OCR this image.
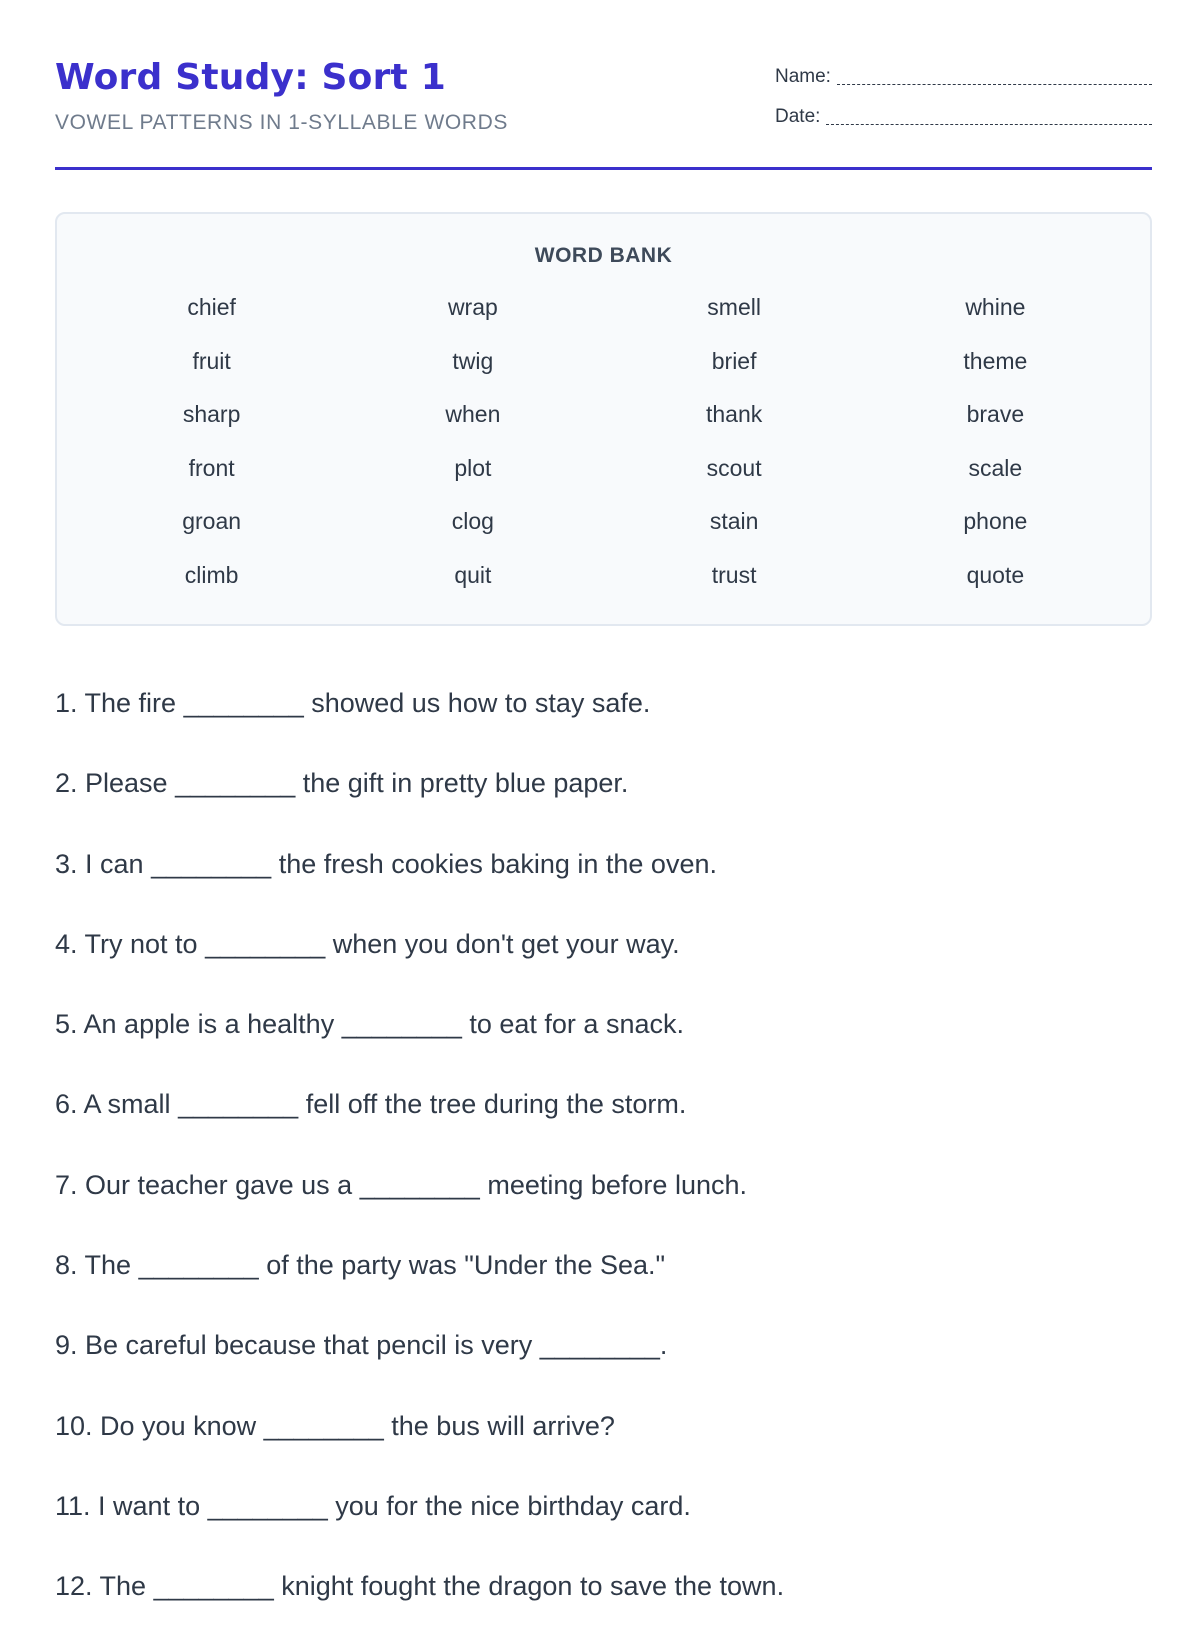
Word Study: Sort 1
VOWEL PATTERNS IN 1-SYLLABLE WORDS
Name:
Date:
WORD BANK
chief	wrap	smell	whine
fruit	twig	brief	theme
sharp	when	thank	brave
front	plot	scout	scale
groan	clog	stain	phone
climb	quit	trust	quote
1. The fire ________ showed us how to stay safe.
2. Please ________ the gift in pretty blue paper.
3. I can ________ the fresh cookies baking in the oven.
4. Try not to ________ when you don't get your way.
5. An apple is a healthy ________ to eat for a snack.
6. A small ________ fell off the tree during the storm.
7. Our teacher gave us a ________ meeting before lunch.
8. The ________ of the party was "Under the Sea."
9. Be careful because that pencil is very ________.
10. Do you know ________ the bus will arrive?
11. I want to ________ you for the nice birthday card.
12. The ________ knight fought the dragon to save the town.
